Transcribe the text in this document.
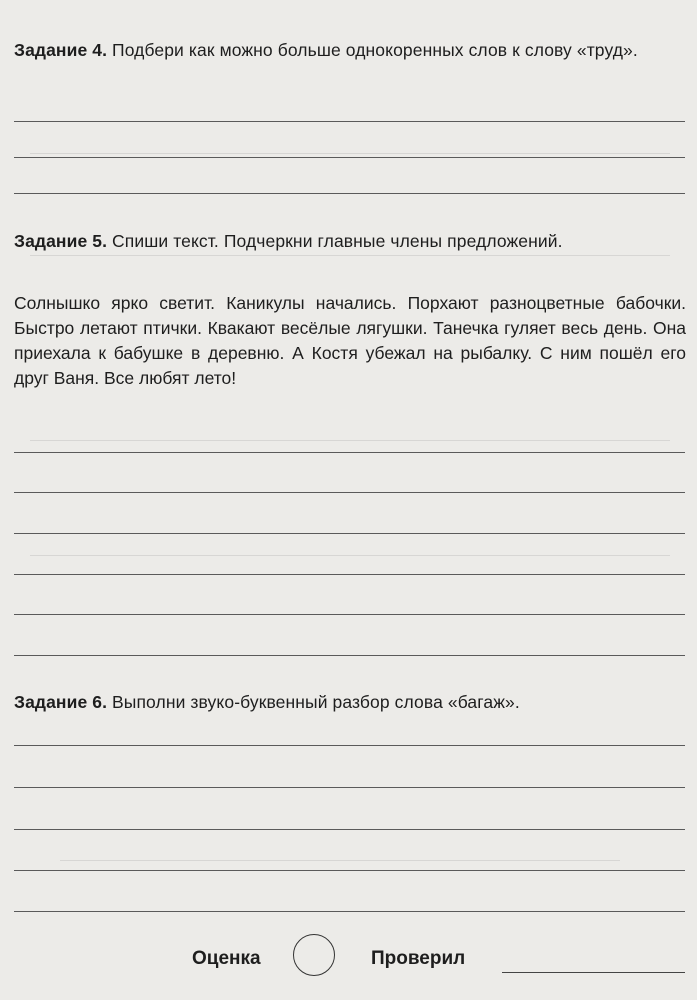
Задание 4. Подбери как можно больше однокоренных слов к слову «труд».
Задание 5. Спиши текст. Подчеркни главные члены предложений.
Солнышко ярко светит. Каникулы начались. Порхают разноцветные бабочки. Быстро летают птички. Квакают весёлые лягушки. Танечка гуляет весь день. Она приехала к бабушке в деревню. А Костя убежал на рыбалку. С ним пошёл его друг Ваня. Все любят лето!
Задание 6. Выполни звуко-буквенный разбор слова «багаж».
Оценка	Проверил
